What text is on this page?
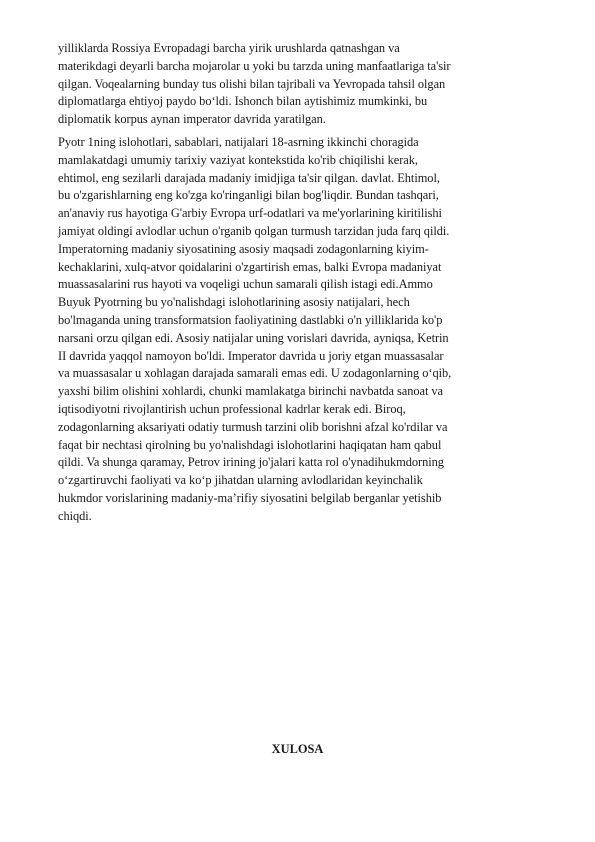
yilliklarda Rossiya Evropadagi barcha yirik urushlarda qatnashgan va
materikdagi deyarli barcha mojarolar u yoki bu tarzda uning manfaatlariga ta'sir
qilgan. Voqealarning bunday tus olishi bilan tajribali va Yevropada tahsil olgan
diplomatlarga ehtiyoj paydo bo‘ldi. Ishonch bilan aytishimiz mumkinki, bu
diplomatik korpus aynan imperator davrida yaratilgan.
Pyotr 1ning islohotlari, sabablari, natijalari 18-asrning ikkinchi choragida
mamlakatdagi umumiy tarixiy vaziyat kontekstida ko'rib chiqilishi kerak,
ehtimol, eng sezilarli darajada madaniy imidjiga ta'sir qilgan. davlat. Ehtimol,
bu o'zgarishlarning eng ko'zga ko'ringanligi bilan bog'liqdir. Bundan tashqari,
an'anaviy rus hayotiga G'arbiy Evropa urf-odatlari va me'yorlarining kiritilishi
jamiyat oldingi avlodlar uchun o'rganib qolgan turmush tarzidan juda farq qildi.
Imperatorning madaniy siyosatining asosiy maqsadi zodagonlarning kiyim-
kechaklarini, xulq-atvor qoidalarini o'zgartirish emas, balki Evropa madaniyat
muassasalarini rus hayoti va voqeligi uchun samarali qilish istagi edi.Ammo
Buyuk Pyotrning bu yo'nalishdagi islohotlarining asosiy natijalari, hech
bo'lmaganda uning transformatsion faoliyatining dastlabki o'n yilliklarida ko'p
narsani orzu qilgan edi. Asosiy natijalar uning vorislari davrida, ayniqsa, Ketrin
II davrida yaqqol namoyon bo'ldi. Imperator davrida u joriy etgan muassasalar
va muassasalar u xohlagan darajada samarali emas edi. U zodagonlarning o‘qib,
yaxshi bilim olishini xohlardi, chunki mamlakatga birinchi navbatda sanoat va
iqtisodiyotni rivojlantirish uchun professional kadrlar kerak edi. Biroq,
zodagonlarning aksariyati odatiy turmush tarzini olib borishni afzal ko'rdilar va
faqat bir nechtasi qirolning bu yo'nalishdagi islohotlarini haqiqatan ham qabul
qildi. Va shunga qaramay, Petrov irining jo'jalari katta rol o'ynadihukmdorning
o‘zgartiruvchi faoliyati va ko‘p jihatdan ularning avlodlaridan keyinchalik
hukmdor vorislarining madaniy-ma’rifiy siyosatini belgilab berganlar yetishib
chiqdi.
XULOSA
